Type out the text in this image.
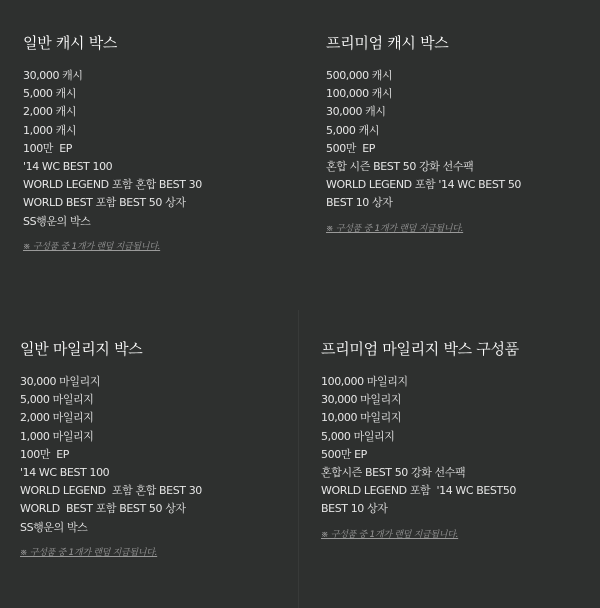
일반 캐시 박스
30,000 캐시
5,000 캐시
2,000 캐시
1,000 캐시
100만  EP
'14 WC BEST 100
WORLD LEGEND 포함 혼합 BEST 30
WORLD BEST 포함 BEST 50 상자
SS행운의 박스
※ 구성품 중 1개가 랜덤 지급됩니다.
프리미엄 캐시 박스
500,000 캐시
100,000 캐시
30,000 캐시
5,000 캐시
500만  EP
혼합 시즌 BEST 50 강화 선수팩
WORLD LEGEND 포함 '14 WC BEST 50
BEST 10 상자
※ 구성품 중 1개가 랜덤 지급됩니다.
일반 마일리지 박스
30,000 마일리지
5,000 마일리지
2,000 마일리지
1,000 마일리지
100만  EP
'14 WC BEST 100
WORLD LEGEND  포함 혼합 BEST 30
WORLD  BEST 포함 BEST 50 상자
SS행운의 박스
※ 구성품 중 1개가 랜덤 지급됩니다.
프리미엄 마일리지 박스 구성품
100,000 마일리지
30,000 마일리지
10,000 마일리지
5,000 마일리지
500만 EP
혼합시즌 BEST 50 강화 선수팩
WORLD LEGEND 포함  '14 WC BEST50
BEST 10 상자
※ 구성품 중 1개가 랜덤 지급됩니다.
